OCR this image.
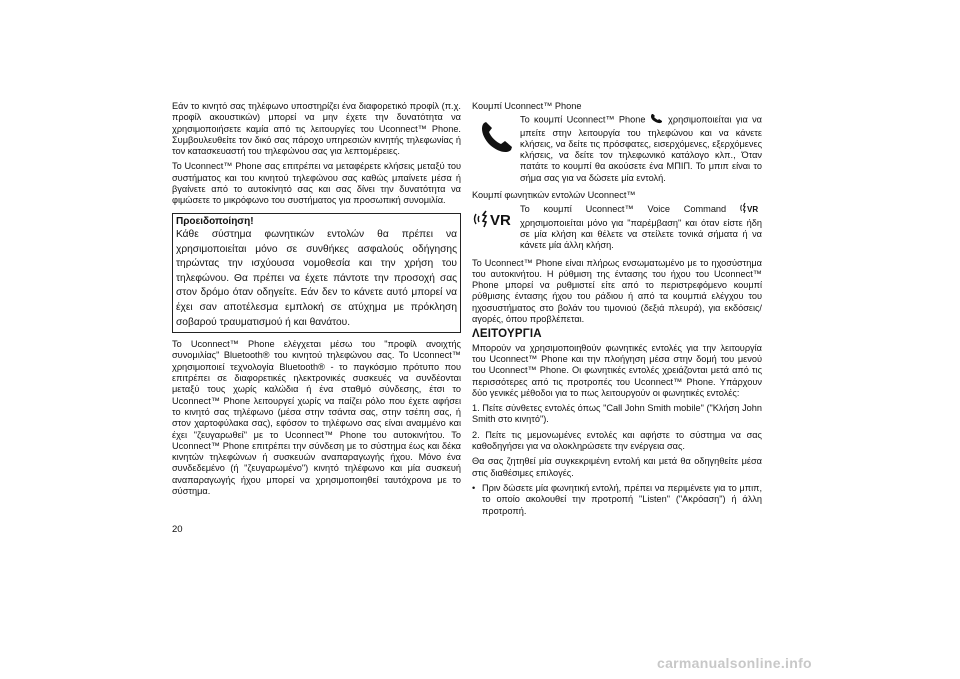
Εάν το κινητό σας τηλέφωνο υποστηρίζει ένα διαφορετικό προφίλ (π.χ. προφίλ ακουστικών) μπορεί να μην έχετε την δυνατότητα να χρησιμοποιήσετε καμία από τις λειτουργίες του Uconnect™ Phone. Συμβουλευθείτε τον δικό σας πάροχο υπηρεσιών κινητής τηλεφωνίας ή τον κατασκευαστή του τηλεφώνου σας για λεπτομέρειες.

Το Uconnect™ Phone σας επιτρέπει να μεταφέρετε κλήσεις μεταξύ του συστήματος και του κινητού τηλεφώνου σας καθώς μπαίνετε μέσα ή βγαίνετε από το αυτοκίνητό σας και σας δίνει την δυνατότητα να φιμώσετε το μικρόφωνο του συστήματος για προσωπική συνομιλία.

Προειδοποίηση!
Κάθε σύστημα φωνητικών εντολών θα πρέπει να χρησιμοποιείται μόνο σε συνθήκες ασφαλούς οδήγησης τηρώντας την ισχύουσα νομοθεσία και την χρήση του τηλεφώνου. Θα πρέπει να έχετε πάντοτε την προσοχή σας στον δρόμο όταν οδηγείτε. Εάν δεν το κάνετε αυτό μπορεί να έχει σαν αποτέλεσμα εμπλοκή σε ατύχημα με πρόκληση σοβαρού τραυματισμού ή και θανάτου.

Το Uconnect™ Phone ελέγχεται μέσω του "προφίλ ανοιχτής συνομιλίας" Bluetooth® του κινητού τηλεφώνου σας. Το Uconnect™ χρησιμοποιεί τεχνολογία Bluetooth® - το παγκόσμιο πρότυπο που επιτρέπει σε διαφορετικές ηλεκτρονικές συσκευές να συνδέονται μεταξύ τους χωρίς καλώδια ή ένα σταθμό σύνδεσης, έτσι το Uconnect™ Phone λειτουργεί χωρίς να παίζει ρόλο που έχετε αφήσει το κινητό σας τηλέφωνο (μέσα στην τσάντα σας, στην τσέπη σας, ή στον χαρτοφύλακα σας), εφόσον το τηλέφωνο σας είναι αναμμένο και έχει "ζευγαρωθεί" με το Uconnect™ Phone του αυτοκινήτου. Το Uconnect™ Phone επιτρέπει την σύνδεση με το σύστημα έως και δέκα κινητών τηλεφώνων ή συσκευών αναπαραγωγής ήχου. Μόνο ένα συνδεδεμένο (ή "ζευγαρωμένο") κινητό τηλέφωνο και μία συσκευή αναπαραγωγής ήχου μπορεί να χρησιμοποιηθεί ταυτόχρονα με το σύστημα.

Κουμπί Uconnect™ Phone
Το κουμπί Uconnect™ Phone χρησιμοποιείται για να μπείτε στην λειτουργία του τηλεφώνου και να κάνετε κλήσεις, να δείτε τις πρόσφατες, εισερχόμενες, εξερχόμενες κλήσεις, να δείτε τον τηλεφωνικό κατάλογο κλπ., Όταν πατάτε το κουμπί θα ακούσετε ένα ΜΠΙΠ. Το μπιπ είναι το σήμα σας για να δώσετε μία εντολή.
Κουμπί φωνητικών εντολών Uconnect™
VR
Το κουμπί Uconnect™ Voice Command	VR
χρησιμοποιείται μόνο για "παρέμβαση" και όταν είστε ήδη σε μία κλήση και θέλετε να στείλετε τονικά σήματα ή να κάνετε μία άλλη κλήση.

Το Uconnect™ Phone είναι πλήρως ενσωματωμένο με το ηχοσύστημα του αυτοκινήτου. Η ρύθμιση της έντασης του ήχου του Uconnect™ Phone μπορεί να ρυθμιστεί είτε από το περιστρεφόμενο κουμπί ρύθμισης έντασης ήχου του ράδιου ή από τα κουμπιά ελέγχου του ηχοσυστήματος στο βολάν του τιμονιού (δεξιά πλευρά), για εκδόσεις/αγορές, όπου προβλέπεται.

ΛΕΙΤΟΥΡΓΙΑ

Μπορούν να χρησιμοποιηθούν φωνητικές εντολές για την λειτουργία του Uconnect™ Phone και την πλοήγηση μέσα στην δομή του μενού του Uconnect™ Phone. Οι φωνητικές εντολές χρειάζονται μετά από τις περισσότερες από τις προτροπές του Uconnect™ Phone. Υπάρχουν δύο γενικές μέθοδοι για το πως λειτουργούν οι φωνητικές εντολές:

1. Πείτε σύνθετες εντολές όπως "Call John Smith mobile" ("Κλήση John Smith στο κινητό").

2. Πείτε τις μεμονωμένες εντολές και αφήστε το σύστημα να σας καθοδηγήσει για να ολοκληρώσετε την ενέργεια σας.

Θα σας ζητηθεί μία συγκεκριμένη εντολή και μετά θα οδηγηθείτε μέσα στις διαθέσιμες επιλογές.

• Πριν δώσετε μία φωνητική εντολή, πρέπει να περιμένετε για το μπιπ, το οποίο ακολουθεί την προτροπή "Listen" ("Ακρόαση") ή άλλη προτροπή.
20
carmanualsonline.info
